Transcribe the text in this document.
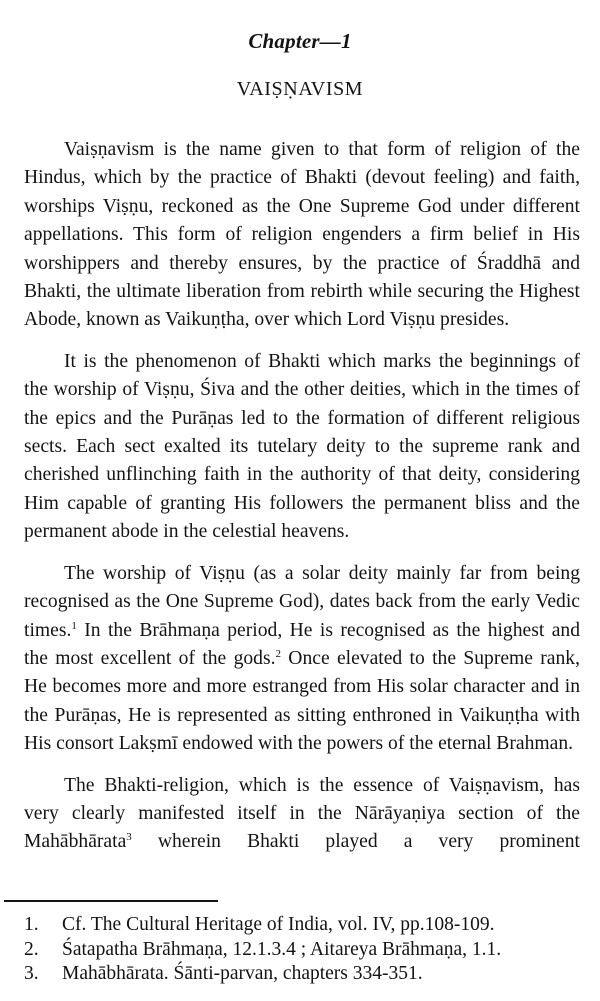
Chapter—1
VAIṢṆAVISM

Vaiṣṇavism is the name given to that form of religion of the Hindus, which by the practice of Bhakti (devout feeling) and faith, worships Viṣṇu, reckoned as the One Supreme God under different appellations. This form of religion engenders a firm belief in His worshippers and thereby ensures, by the practice of Śraddhā and Bhakti, the ultimate liberation from rebirth while securing the Highest Abode, known as Vaikuṇṭha, over which Lord Viṣṇu presides.

It is the phenomenon of Bhakti which marks the beginnings of the worship of Viṣṇu, Śiva and the other deities, which in the times of the epics and the Purāṇas led to the formation of different religious sects. Each sect exalted its tutelary deity to the supreme rank and cherished unflinching faith in the authority of that deity, considering Him capable of granting His followers the permanent bliss and the permanent abode in the celestial heavens.

The worship of Viṣṇu (as a solar deity mainly far from being recognised as the One Supreme God), dates back from the early Vedic times.$^1$ In the Brāhmaṇa period, He is recognised as the highest and the most excellent of the gods.$^2$ Once elevated to the Supreme rank, He becomes more and more estranged from His solar character and in the Purāṇas, He is represented as sitting enthroned in Vaikuṇṭha with His consort Lakṣmī endowed with the powers of the eternal Brahman.

The Bhakti-religion, which is the essence of Vaiṣṇavism, has very clearly manifested itself in the Nārāyaṇiya section of the Mahābhārata$^3$ wherein Bhakti played a very prominent

1.	Cf. The Cultural Heritage of India, vol. IV, pp.108-109.
2.	Śatapatha Brāhmaṇa, 12.1.3.4 ; Aitareya Brāhmaṇa, 1.1.
3.	Mahābhārata. Śānti-parvan, chapters 334-351.
